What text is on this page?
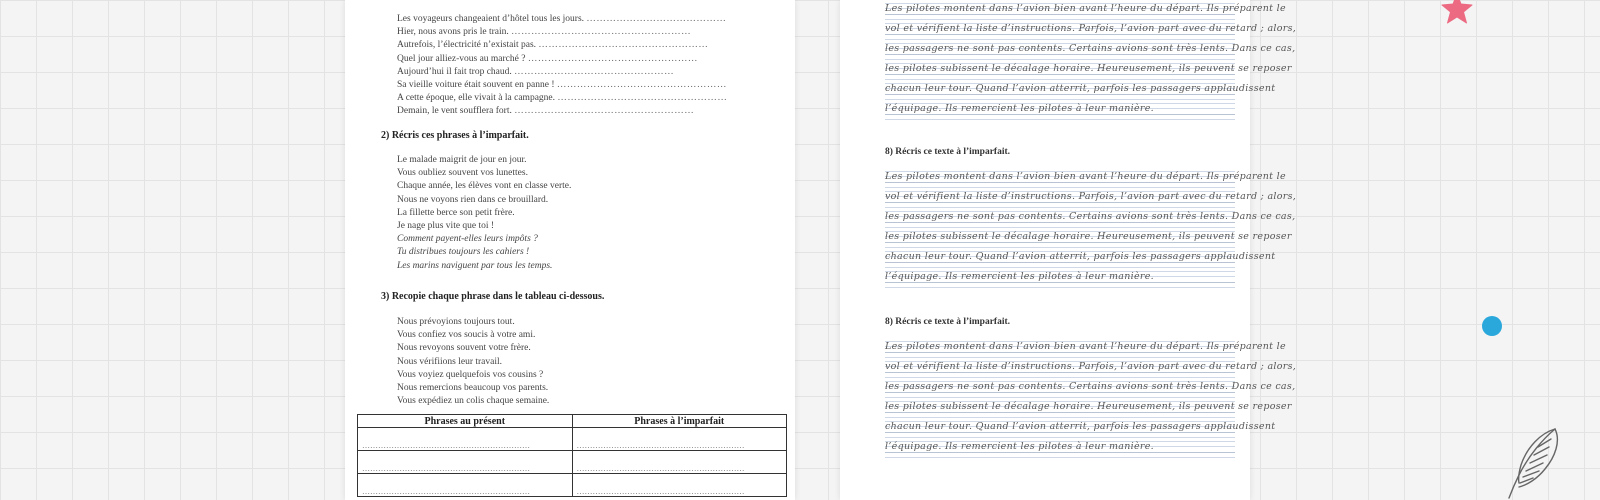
Les voyageurs changeaient d’hôtel tous les jours. ……………………………………
Hier, nous avons pris le train. ………………………………………………
Autrefois, l’électricité n’existait pas. ……………………………………………
Quel jour alliez-vous au marché ? ……………………………………………
Aujourd’hui il fait trop chaud. …………………………………………
Sa vieille voiture était souvent en panne ! ……………………………………………
A cette époque, elle vivait à la campagne. ……………………………………………
Demain, le vent soufflera fort. ………………………………………………
2) Récris ces phrases à l’imparfait.
Le malade maigrit de jour en jour.
Vous oubliez souvent vos lunettes.
Chaque année, les élèves vont en classe verte.
Nous ne voyons rien dans ce brouillard.
La fillette berce son petit frère.
Je nage plus vite que toi !
Comment payent-elles leurs impôts ?
Tu distribues toujours les cahiers !
Les marins naviguent par tous les temps.
3) Recopie chaque phrase dans le tableau ci-dessous.
Nous prévoyions toujours tout.
Vous confiez vos soucis à votre ami.
Nous revoyons souvent votre frère.
Nous vérifiions leur travail.
Vous voyiez quelquefois vos cousins ?
Nous remercions beaucoup vos parents.
Vous expédiez un colis chaque semaine.
Phrases au présent	Phrases à l’imparfait
………………………………………………………	………………………………………………………
………………………………………………………	………………………………………………………
………………………………………………………	………………………………………………………
Les pilotes montent dans l’avion bien avant l’heure du départ. Ils préparent le
vol et vérifient la liste d’instructions. Parfois, l’avion part avec du retard ; alors,
les passagers ne sont pas contents. Certains avions sont très lents. Dans ce cas,
les pilotes subissent le décalage horaire. Heureusement, ils peuvent se reposer
chacun leur tour. Quand l’avion atterrit, parfois les passagers applaudissent
l’équipage. Ils remercient les pilotes à leur manière.
8) Récris ce texte à l’imparfait.
Les pilotes montent dans l’avion bien avant l’heure du départ. Ils préparent le
vol et vérifient la liste d’instructions. Parfois, l’avion part avec du retard ; alors,
les passagers ne sont pas contents. Certains avions sont très lents. Dans ce cas,
les pilotes subissent le décalage horaire. Heureusement, ils peuvent se reposer
chacun leur tour. Quand l’avion atterrit, parfois les passagers applaudissent
l’équipage. Ils remercient les pilotes à leur manière.
8) Récris ce texte à l’imparfait.
Les pilotes montent dans l’avion bien avant l’heure du départ. Ils préparent le
vol et vérifient la liste d’instructions. Parfois, l’avion part avec du retard ; alors,
les passagers ne sont pas contents. Certains avions sont très lents. Dans ce cas,
les pilotes subissent le décalage horaire. Heureusement, ils peuvent se reposer
chacun leur tour. Quand l’avion atterrit, parfois les passagers applaudissent
l’équipage. Ils remercient les pilotes à leur manière.
